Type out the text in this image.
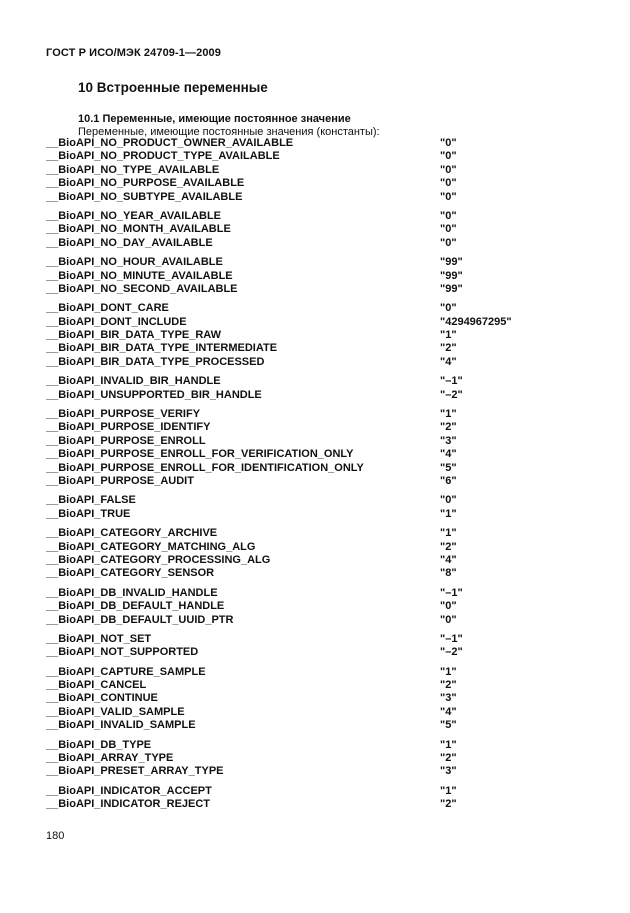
ГОСТ Р ИСО/МЭК 24709-1—2009
10 Встроенные переменные
10.1 Переменные, имеющие постоянное значение
Переменные, имеющие постоянные значения (константы):
__BioAPI_NO_PRODUCT_OWNER_AVAILABLE	"0"
__BioAPI_NO_PRODUCT_TYPE_AVAILABLE	"0"
__BioAPI_NO_TYPE_AVAILABLE	"0"
__BioAPI_NO_PURPOSE_AVAILABLE	"0"
__BioAPI_NO_SUBTYPE_AVAILABLE	"0"
__BioAPI_NO_YEAR_AVAILABLE	"0"
__BioAPI_NO_MONTH_AVAILABLE	"0"
__BioAPI_NO_DAY_AVAILABLE	"0"
__BioAPI_NO_HOUR_AVAILABLE	"99"
__BioAPI_NO_MINUTE_AVAILABLE	"99"
__BioAPI_NO_SECOND_AVAILABLE	"99"
__BioAPI_DONT_CARE	"0"
__BioAPI_DONT_INCLUDE	"4294967295"
__BioAPI_BIR_DATA_TYPE_RAW	"1"
__BioAPI_BIR_DATA_TYPE_INTERMEDIATE	"2"
__BioAPI_BIR_DATA_TYPE_PROCESSED	"4"
__BioAPI_INVALID_BIR_HANDLE	"–1"
__BioAPI_UNSUPPORTED_BIR_HANDLE	"–2"
__BioAPI_PURPOSE_VERIFY	"1"
__BioAPI_PURPOSE_IDENTIFY	"2"
__BioAPI_PURPOSE_ENROLL	"3"
__BioAPI_PURPOSE_ENROLL_FOR_VERIFICATION_ONLY	"4"
__BioAPI_PURPOSE_ENROLL_FOR_IDENTIFICATION_ONLY	"5"
__BioAPI_PURPOSE_AUDIT	"6"
__BioAPI_FALSE	"0"
__BioAPI_TRUE	"1"
__BioAPI_CATEGORY_ARCHIVE	"1"
__BioAPI_CATEGORY_MATCHING_ALG	"2"
__BioAPI_CATEGORY_PROCESSING_ALG	"4"
__BioAPI_CATEGORY_SENSOR	"8"
__BioAPI_DB_INVALID_HANDLE	"–1"
__BioAPI_DB_DEFAULT_HANDLE	"0"
__BioAPI_DB_DEFAULT_UUID_PTR	"0"
__BioAPI_NOT_SET	"–1"
__BioAPI_NOT_SUPPORTED	"–2"
__BioAPI_CAPTURE_SAMPLE	"1"
__BioAPI_CANCEL	"2"
__BioAPI_CONTINUE	"3"
__BioAPI_VALID_SAMPLE	"4"
__BioAPI_INVALID_SAMPLE	"5"
__BioAPI_DB_TYPE	"1"
__BioAPI_ARRAY_TYPE	"2"
__BioAPI_PRESET_ARRAY_TYPE	"3"
__BioAPI_INDICATOR_ACCEPT	"1"
__BioAPI_INDICATOR_REJECT	"2"
180
